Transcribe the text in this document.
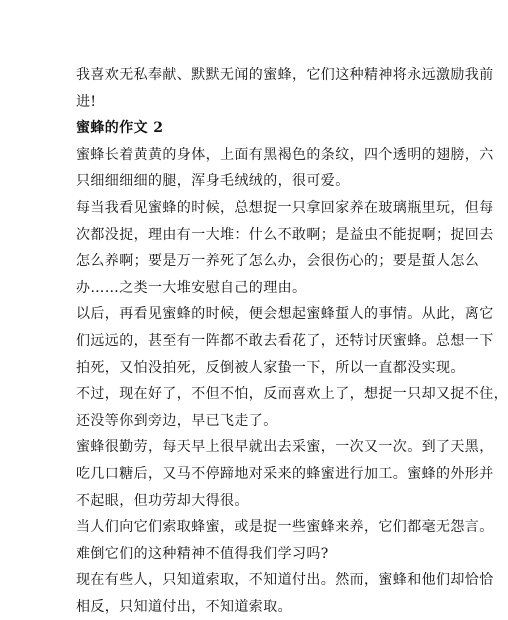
我喜欢无私奉献、默默无闻的蜜蜂，它们这种精神将永远激励我前
进!
蜜蜂的作文 2
蜜蜂长着黄黄的身体，上面有黑褐色的条纹，四个透明的翅膀，六
只细细细细的腿，浑身毛绒绒的，很可爱。
每当我看见蜜蜂的时候，总想捉一只拿回家养在玻璃瓶里玩，但每
次都没捉，理由有一大堆：什么不敢啊；是益虫不能捉啊；捉回去
怎么养啊；要是万一养死了怎么办，会很伤心的；要是蜇人怎么
办……之类一大堆安慰自己的理由。
以后，再看见蜜蜂的时候，便会想起蜜蜂蜇人的事情。从此，离它
们远远的，甚至有一阵都不敢去看花了，还特讨厌蜜蜂。总想一下
拍死，又怕没拍死，反倒被人家蛰一下，所以一直都没实现。
不过，现在好了，不但不怕，反而喜欢上了，想捉一只却又捉不住，
还没等你到旁边，早已飞走了。
蜜蜂很勤劳，每天早上很早就出去采蜜，一次又一次。到了天黑，
吃几口糖后，又马不停蹄地对采来的蜂蜜进行加工。蜜蜂的外形并
不起眼，但功劳却大得很。
当人们向它们索取蜂蜜，或是捉一些蜜蜂来养，它们都毫无怨言。
难倒它们的这种精神不值得我们学习吗?
现在有些人，只知道索取，不知道付出。然而，蜜蜂和他们却恰恰
相反，只知道付出，不知道索取。
